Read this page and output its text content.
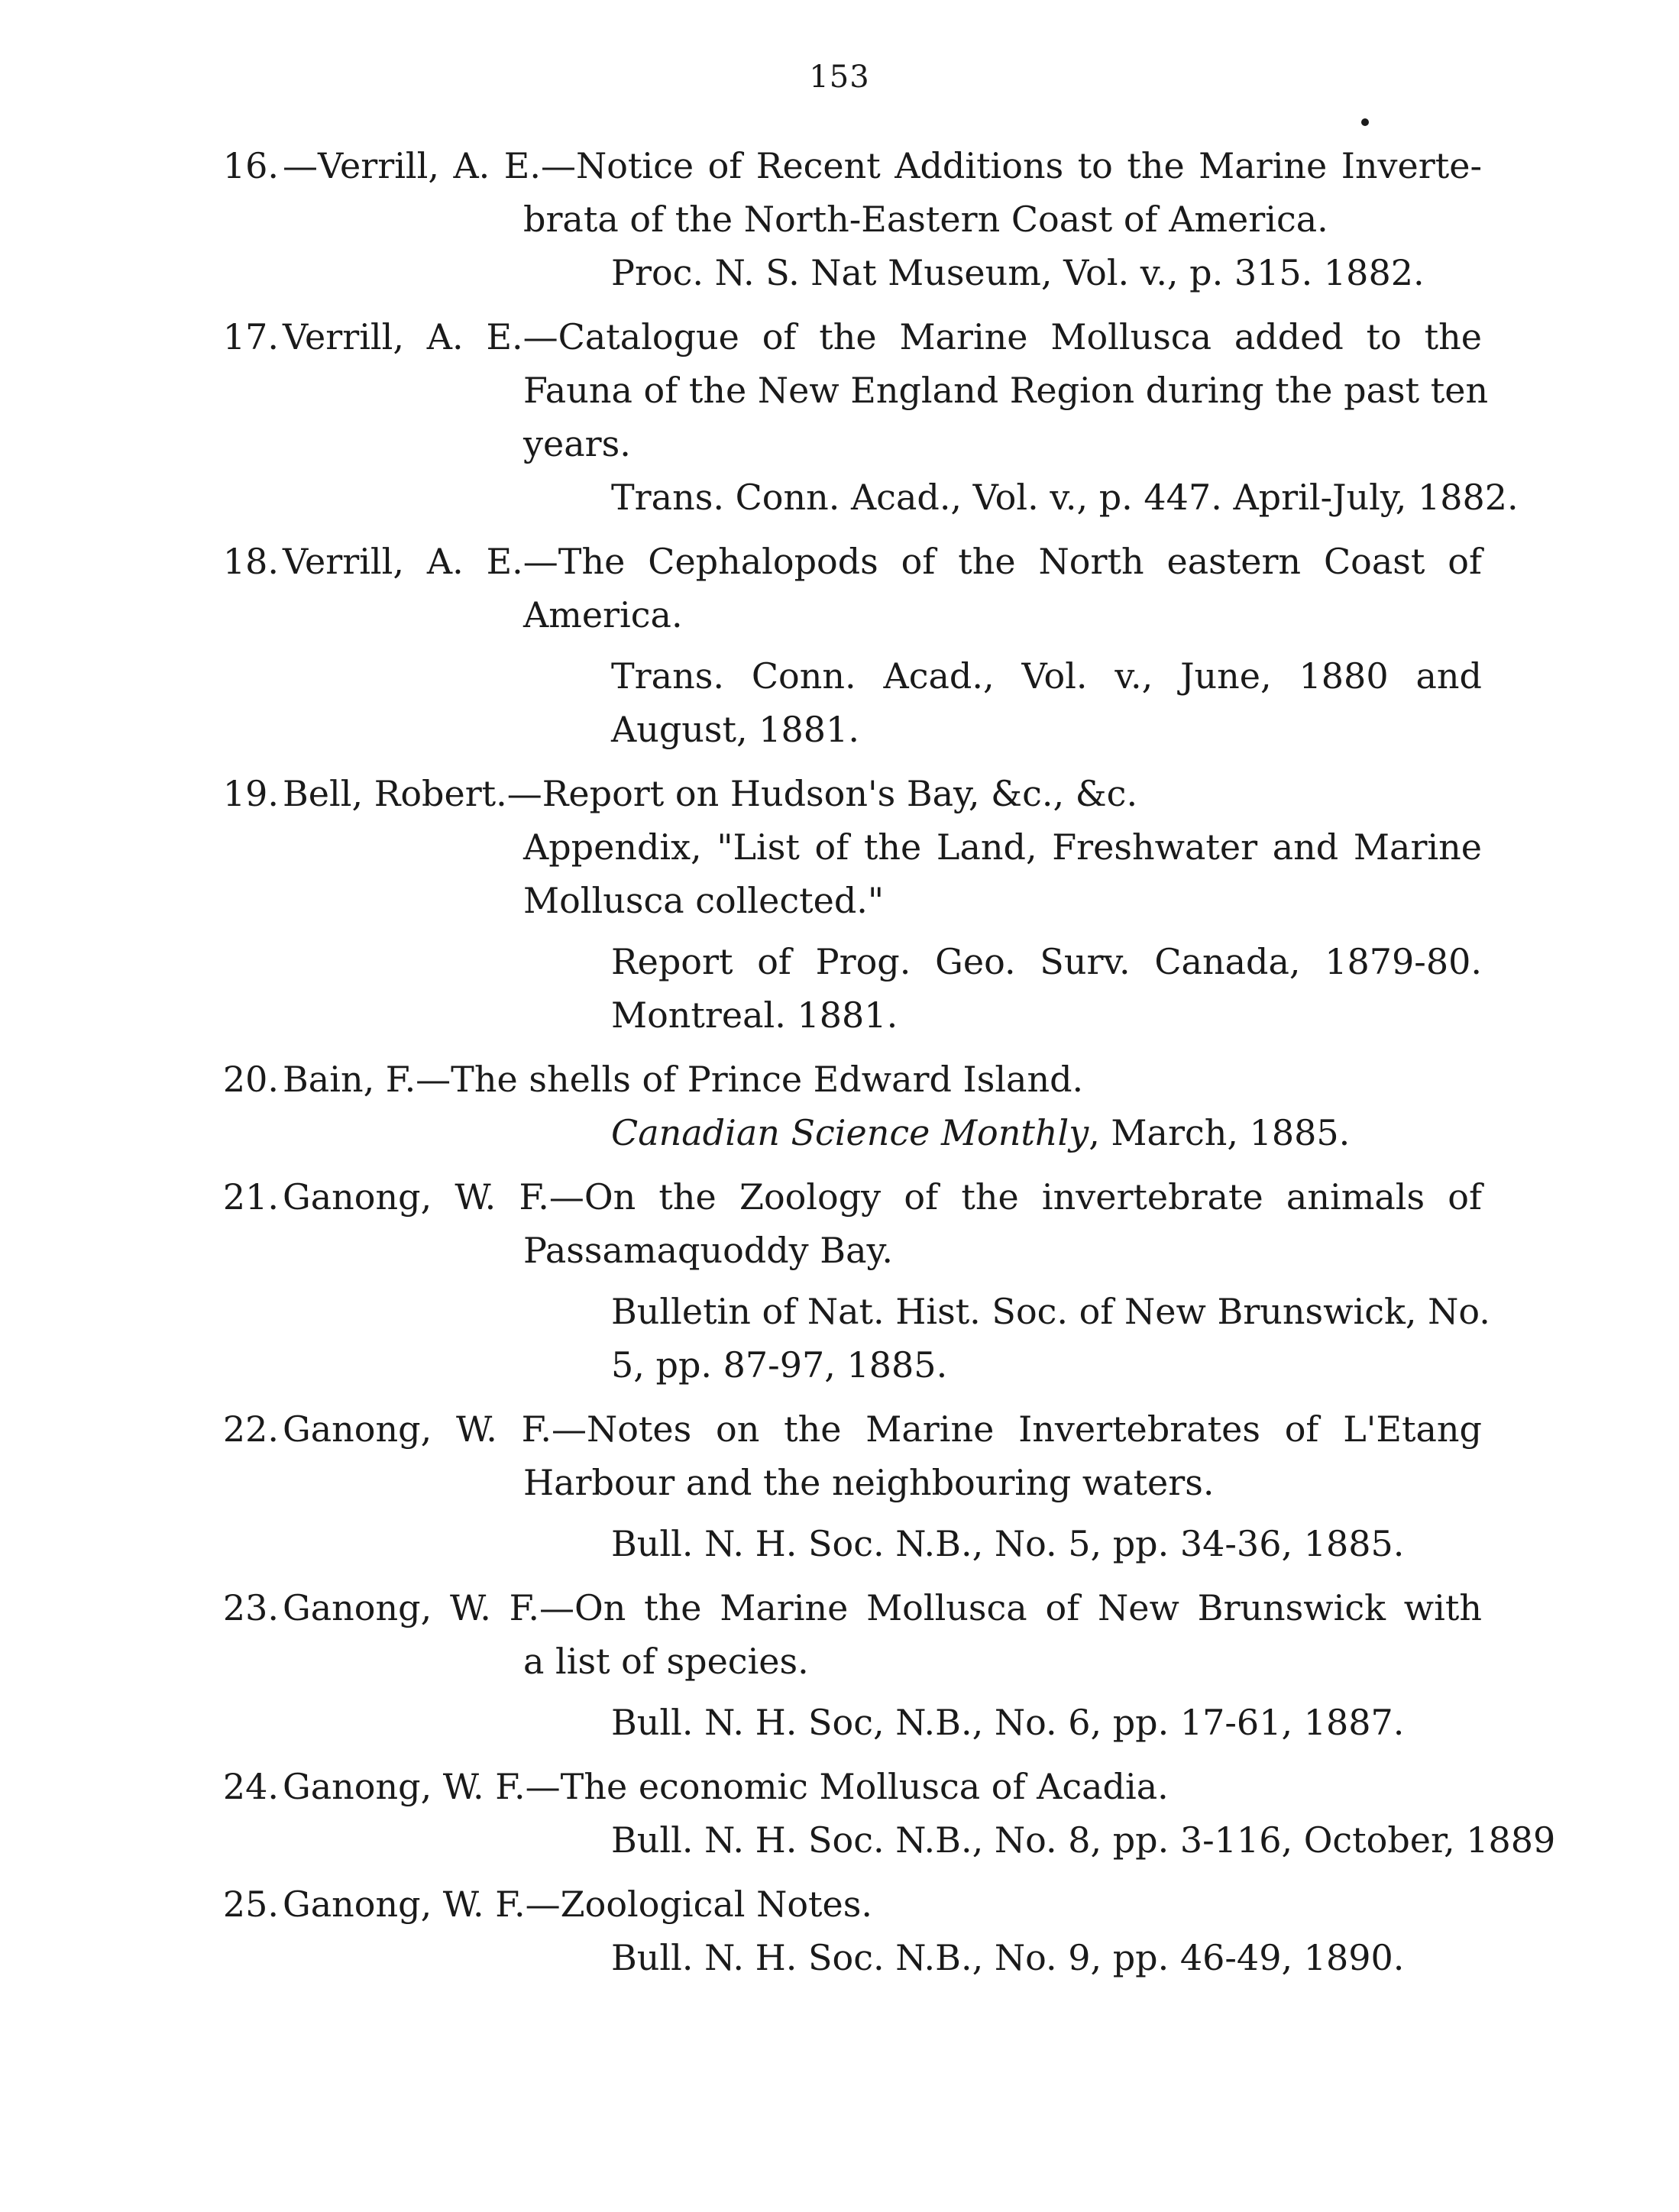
153
16. —Verrill, A. E.—Notice of Recent Additions to the Marine Inverte-
brata of the North-Eastern Coast of America.
Proc. N. S. Nat Museum, Vol. v., p. 315. 1882.
17. Verrill, A. E.—Catalogue of the Marine Mollusca added to the
Fauna of the New England Region during the past ten
years.
Trans. Conn. Acad., Vol. v., p. 447. April-July, 1882.
18. Verrill, A. E.—The Cephalopods of the North eastern Coast of
America.
Trans. Conn. Acad., Vol. v., June, 1880 and
August, 1881.
19. Bell, Robert.—Report on Hudson's Bay, &c., &c.
Appendix, "List of the Land, Freshwater and Marine
Mollusca collected."
Report of Prog. Geo. Surv. Canada, 1879-80.
Montreal. 1881.
20. Bain, F.—The shells of Prince Edward Island.
Canadian Science Monthly, March, 1885.
21. Ganong, W. F.—On the Zoology of the invertebrate animals of
Passamaquoddy Bay.
Bulletin of Nat. Hist. Soc. of New Brunswick, No.
5, pp. 87-97, 1885.
22. Ganong, W. F.—Notes on the Marine Invertebrates of L'Etang
Harbour and the neighbouring waters.
Bull. N. H. Soc. N.B., No. 5, pp. 34-36, 1885.
23. Ganong, W. F.—On the Marine Mollusca of New Brunswick with
a list of species.
Bull. N. H. Soc, N.B., No. 6, pp. 17-61, 1887.
24. Ganong, W. F.—The economic Mollusca of Acadia.
Bull. N. H. Soc. N.B., No. 8, pp. 3-116, October, 1889
25. Ganong, W. F.—Zoological Notes.
Bull. N. H. Soc. N.B., No. 9, pp. 46-49, 1890.
